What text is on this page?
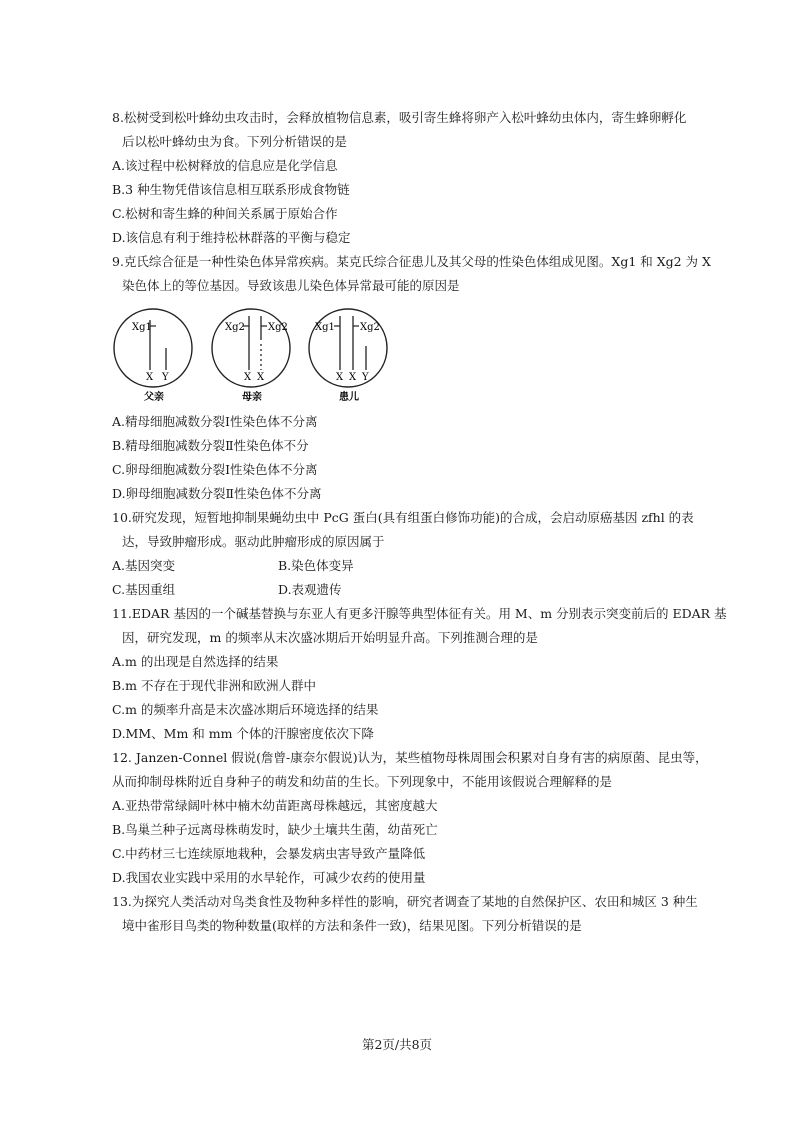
8.松树受到松叶蜂幼虫攻击时，会释放植物信息素，吸引寄生蜂将卵产入松叶蜂幼虫体内，寄生蜂卵孵化
后以松叶蜂幼虫为食。下列分析错误的是
A.该过程中松树释放的信息应是化学信息
B.3 种生物凭借该信息相互联系形成食物链
C.松树和寄生蜂的种间关系属于原始合作
D.该信息有利于维持松林群落的平衡与稳定
9.克氏综合征是一种性染色体异常疾病。某克氏综合征患儿及其父母的性染色体组成见图。Xg1 和 Xg2 为 X
染色体上的等位基因。导致该患儿染色体异常最可能的原因是
Xg1
X Y
父亲
Xg2 Xg2
X X
母亲
Xg1	Xg2
X X Y
患儿
A.精母细胞减数分裂Ⅰ性染色体不分离
B.精母细胞减数分裂Ⅱ性染色体不分
C.卵母细胞减数分裂Ⅰ性染色体不分离
D.卵母细胞减数分裂Ⅱ性染色体不分离
10.研究发现，短暂地抑制果蝇幼虫中 PcG 蛋白(具有组蛋白修饰功能)的合成，会启动原癌基因 zfhl 的表
达，导致肿瘤形成。驱动此肿瘤形成的原因属于
A.基因突变	B.染色体变异
C.基因重组	D.表观遗传
11.EDAR 基因的一个碱基替换与东亚人有更多汗腺等典型体征有关。用 M、m 分别表示突变前后的 EDAR 基
因，研究发现，m 的频率从末次盛冰期后开始明显升高。下列推测合理的是
A.m 的出现是自然选择的结果
B.m 不存在于现代非洲和欧洲人群中
C.m 的频率升高是末次盛冰期后环境选择的结果
D.MM、Mm 和 mm 个体的汗腺密度依次下降
12. Janzen-Connel 假说(詹曾-康奈尔假说)认为，某些植物母株周围会积累对自身有害的病原菌、昆虫等，
从而抑制母株附近自身种子的萌发和幼苗的生长。下列现象中，不能用该假说合理解释的是
A.亚热带常绿阔叶林中楠木幼苗距离母株越远，其密度越大
B.鸟巢兰种子远离母株萌发时，缺少土壤共生菌，幼苗死亡
C.中药材三七连续原地栽种，会暴发病虫害导致产量降低
D.我国农业实践中采用的水旱轮作，可减少农药的使用量
13.为探究人类活动对鸟类食性及物种多样性的影响，研究者调查了某地的自然保护区、农田和城区 3 种生
境中雀形目鸟类的物种数量(取样的方法和条件一致)，结果见图。下列分析错误的是
第2页/共8页
